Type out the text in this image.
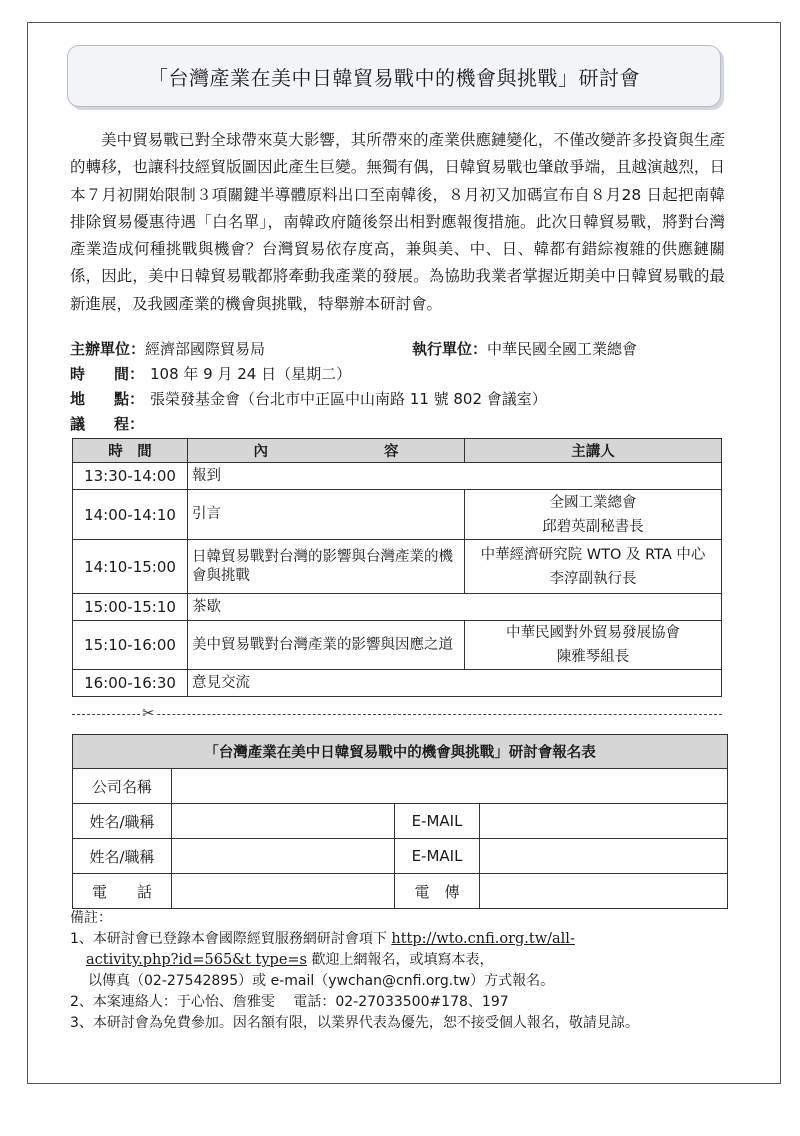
「台灣產業在美中日韓貿易戰中的機會與挑戰」研討會

美中貿易戰已對全球帶來莫大影響，其所帶來的產業供應鏈變化，不僅改變許多投資與生產的轉移，也讓科技經貿版圖因此產生巨變。無獨有偶，日韓貿易戰也肇啟爭端，且越演越烈，日本７月初開始限制３項關鍵半導體原料出口至南韓後，８月初又加碼宣布自８月28 日起把南韓排除貿易優惠待遇「白名單」，南韓政府隨後祭出相對應報復措施。此次日韓貿易戰，將對台灣產業造成何種挑戰與機會？台灣貿易依存度高，兼與美、中、日、韓都有錯綜複雜的供應鏈關係，因此，美中日韓貿易戰都將牽動我產業的發展。為協助我業者掌握近期美中日韓貿易戰的最新進展，及我國產業的機會與挑戰，特舉辦本研討會。

主辦單位：經濟部國際貿易局	執行單位：中華民國全國工業總會
時 間： 108 年 9 月 24 日（星期二）
地 點： 張榮發基金會（台北市中正區中山南路 11 號 802 會議室）
議 程：
時　間	內　　　　　　　　容	主講人
13:30-14:00	報到	
14:00-14:10	引言	全國工業總會
邱碧英副秘書長

14:10-15:00	日韓貿易戰對台灣的影響與台灣產業的機會與挑戰	中華經濟研究院 WTO 及 RTA 中心
李淳副執行長

15:00-15:10	茶歇	
15:10-16:00	美中貿易戰對台灣產業的影響與因應之道	中華民國對外貿易發展協會
陳雅琴組長

16:00-16:30	意見交流	
✂
「台灣產業在美中日韓貿易戰中的機會與挑戰」研討會報名表			
公司名稱			
姓名/職稱		E-MAIL	
姓名/職稱		E-MAIL	
電　　話		電　傳	

備註：

1、本研討會已登錄本會國際經貿服務網研討會項下 http://wto.cnfi.org.tw/all-

activity.php?id=565&t type=s 歡迎上網報名，或填寫本表，

以傳真（02-27542895）或 e-mail（ywchan@cnfi.org.tw）方式報名。

2、本案連絡人：于心怡、詹雅雯　 電話：02-27033500#178、197

3、本研討會為免費參加。因名額有限，以業界代表為優先，恕不接受個人報名，敬請見諒。
